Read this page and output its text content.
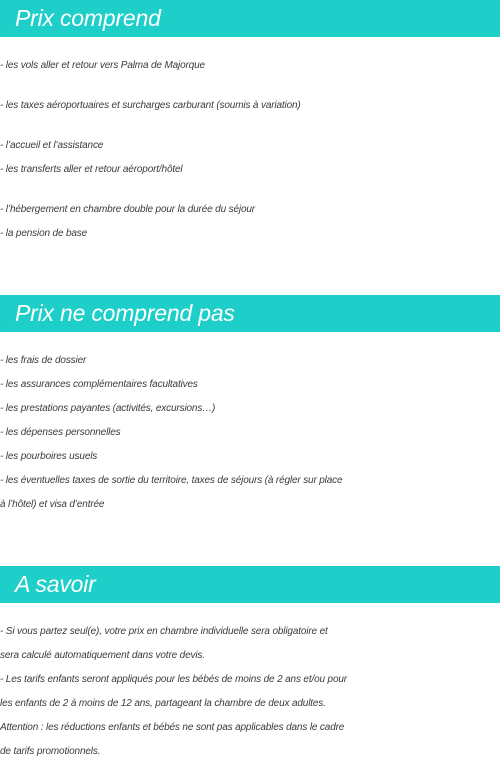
Prix comprend
- les vols aller et retour vers Palma de Majorque
- les taxes aéroportuaires et surcharges carburant (soumis à variation)
- l’accueil et l’assistance
- les transferts aller et retour aéroport/hôtel
- l’hébergement en chambre double pour la durée du séjour
- la pension de base
Prix ne comprend pas
- les frais de dossier
- les assurances complémentaires facultatives
- les prestations payantes (activités, excursions…)
- les dépenses personnelles
- les pourboires usuels
- les éventuelles taxes de sortie du territoire, taxes de séjours (à régler sur place
à l’hôtel) et visa d’entrée
A savoir
- Si vous partez seul(e), votre prix en chambre individuelle sera obligatoire et
sera calculé automatiquement dans votre devis.
- Les tarifs enfants seront appliqués pour les bébés de moins de 2 ans et/ou pour
les enfants de 2 à moins de 12 ans, partageant la chambre de deux adultes.
Attention : les réductions enfants et bébés ne sont pas applicables dans le cadre
de tarifs promotionnels.
